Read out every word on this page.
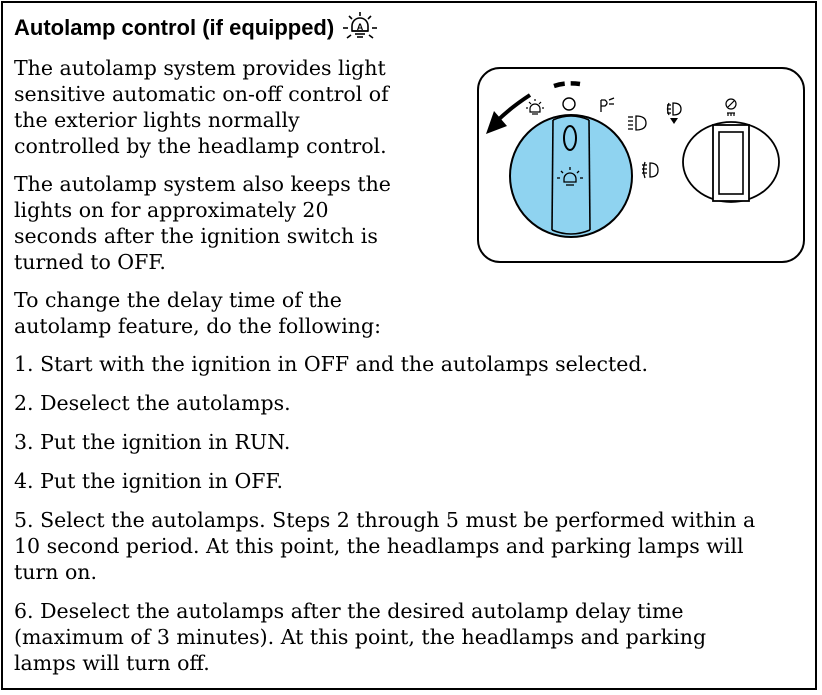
Autolamp control (if equipped)	A

The autolamp system provides light
sensitive automatic on-off control of
the exterior lights normally
controlled by the headlamp control.

The autolamp system also keeps the
lights on for approximately 20
seconds after the ignition switch is
turned to OFF.

To change the delay time of the
autolamp feature, do the following:

1. Start with the ignition in OFF and the autolamps selected.

2. Deselect the autolamps.

3. Put the ignition in RUN.

4. Put the ignition in OFF.

5. Select the autolamps. Steps 2 through 5 must be performed within a
10 second period. At this point, the headlamps and parking lamps will
turn on.

6. Deselect the autolamps after the desired autolamp delay time
(maximum of 3 minutes). At this point, the headlamps and parking
lamps will turn off.
